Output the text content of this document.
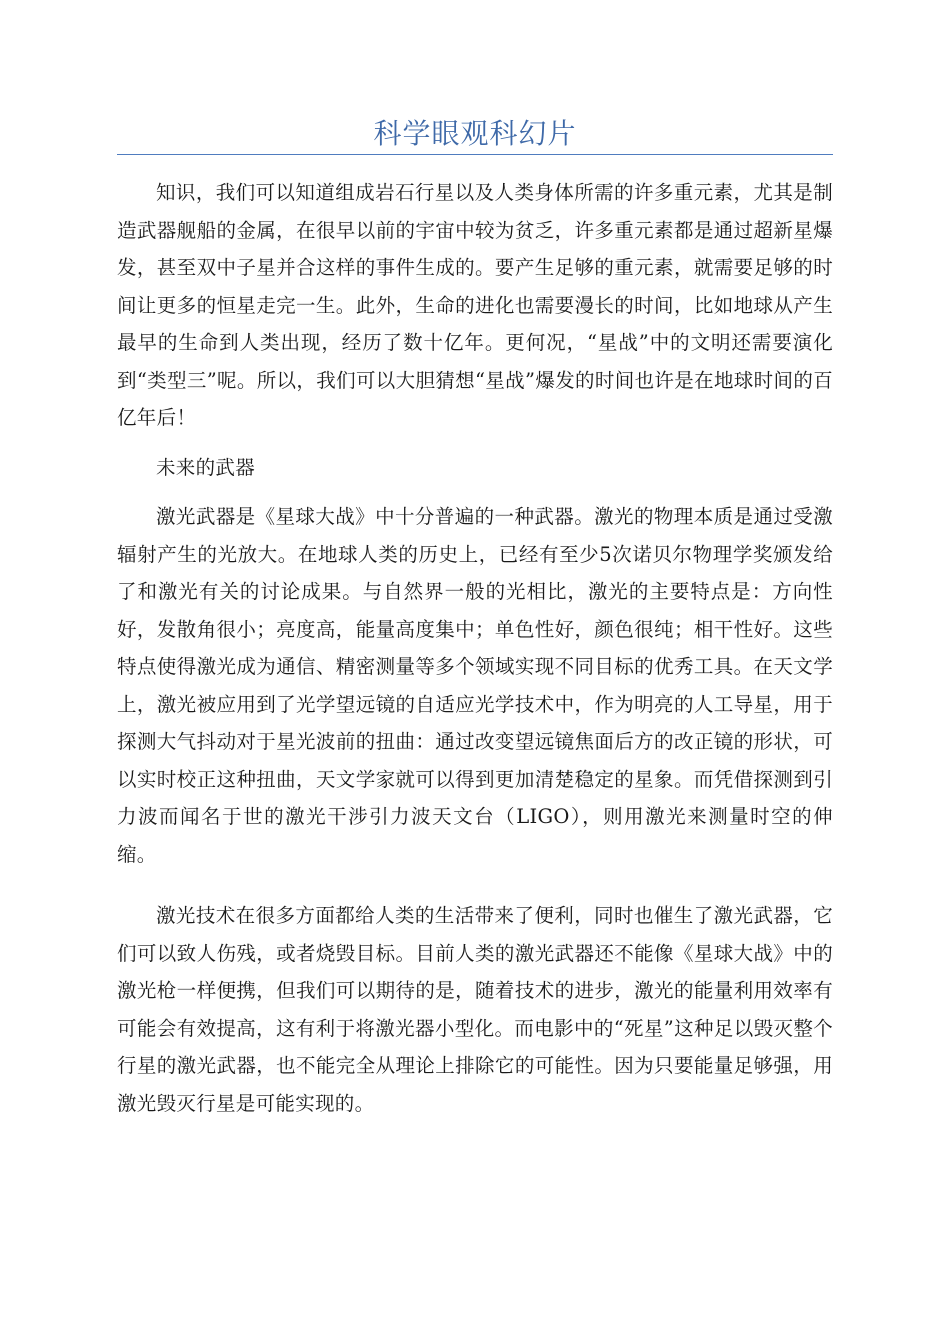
科学眼观科幻片

知识，我们可以知道组成岩石行星以及人类身体所需的许多重元素，尤其是制造武器舰船的金属，在很早以前的宇宙中较为贫乏，许多重元素都是通过超新星爆发，甚至双中子星并合这样的事件生成的。要产生足够的重元素，就需要足够的时间让更多的恒星走完一生。此外，生命的进化也需要漫长的时间，比如地球从产生最早的生命到人类出现，经历了数十亿年。更何况，“星战”中的文明还需要演化到“类型三”呢。所以，我们可以大胆猜想“星战”爆发的时间也许是在地球时间的百亿年后！

未来的武器

激光武器是《星球大战》中十分普遍的一种武器。激光的物理本质是通过受激辐射产生的光放大。在地球人类的历史上，已经有至少5次诺贝尔物理学奖颁发给了和激光有关的讨论成果。与自然界一般的光相比，激光的主要特点是：方向性好，发散角很小；亮度高，能量高度集中；单色性好，颜色很纯；相干性好。这些特点使得激光成为通信、精密测量等多个领域实现不同目标的优秀工具。在天文学上，激光被应用到了光学望远镜的自适应光学技术中，作为明亮的人工导星，用于探测大气抖动对于星光波前的扭曲：通过改变望远镜焦面后方的改正镜的形状，可以实时校正这种扭曲，天文学家就可以得到更加清楚稳定的星象。而凭借探测到引力波而闻名于世的激光干涉引力波天文台（LIGO），则用激光来测量时空的伸缩。

激光技术在很多方面都给人类的生活带来了便利，同时也催生了激光武器，它们可以致人伤残，或者烧毁目标。目前人类的激光武器还不能像《星球大战》中的激光枪一样便携，但我们可以期待的是，随着技术的进步，激光的能量利用效率有可能会有效提高，这有利于将激光器小型化。而电影中的“死星”这种足以毁灭整个行星的激光武器，也不能完全从理论上排除它的可能性。因为只要能量足够强，用激光毁灭行星是可能实现的。
